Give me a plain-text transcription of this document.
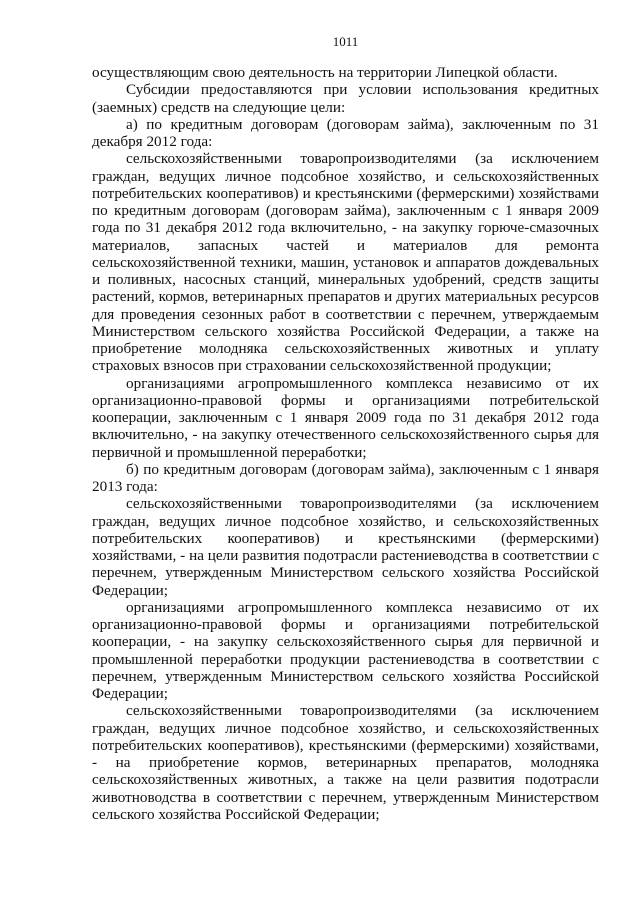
1011

осуществляющим свою деятельность на территории Липецкой области.

Субсидии предоставляются при условии использования кредитных (заемных) средств на следующие цели:

а) по кредитным договорам (договорам займа), заключенным по 31 декабря 2012 года:

сельскохозяйственными товаропроизводителями (за исключением граждан, ведущих личное подсобное хозяйство, и сельскохозяйственных потребительских кооперативов) и крестьянскими (фермерскими) хозяйствами по кредитным договорам (договорам займа), заключенным с 1 января 2009 года по 31 декабря 2012 года включительно, - на закупку горюче-смазочных материалов, запасных частей и материалов для ремонта сельскохозяйственной техники, машин, установок и аппаратов дождевальных и поливных, насосных станций, минеральных удобрений, средств защиты растений, кормов, ветеринарных препаратов и других материальных ресурсов для проведения сезонных работ в соответствии с перечнем, утверждаемым Министерством сельского хозяйства Российской Федерации, а также на приобретение молодняка сельскохозяйственных животных и уплату страховых взносов при страховании сельскохозяйственной продукции;

организациями агропромышленного комплекса независимо от их организационно-правовой формы и организациями потребительской кооперации, заключенным с 1 января 2009 года по 31 декабря 2012 года включительно, - на закупку отечественного сельскохозяйственного сырья для первичной и промышленной переработки;

б) по кредитным договорам (договорам займа), заключенным с 1 января 2013 года:

сельскохозяйственными товаропроизводителями (за исключением граждан, ведущих личное подсобное хозяйство, и сельскохозяйственных потребительских кооперативов) и крестьянскими (фермерскими) хозяйствами, - на цели развития подотрасли растениеводства в соответствии с перечнем, утвержденным Министерством сельского хозяйства Российской Федерации;

организациями агропромышленного комплекса независимо от их организационно-правовой формы и организациями потребительской кооперации, - на закупку сельскохозяйственного сырья для первичной и промышленной переработки продукции растениеводства в соответствии с перечнем, утвержденным Министерством сельского хозяйства Российской Федерации;

сельскохозяйственными товаропроизводителями (за исключением граждан, ведущих личное подсобное хозяйство, и сельскохозяйственных потребительских кооперативов), крестьянскими (фермерскими) хозяйствами, - на приобретение кормов, ветеринарных препаратов, молодняка сельскохозяйственных животных, а также на цели развития подотрасли животноводства в соответствии с перечнем, утвержденным Министерством сельского хозяйства Российской Федерации;
